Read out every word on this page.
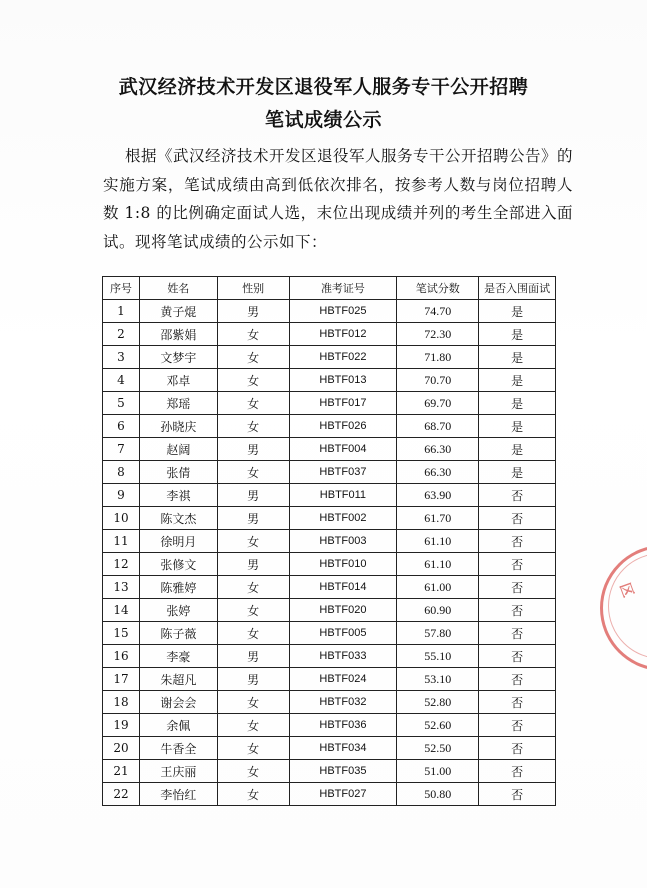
武汉经济技术开发区退役军人服务专干公开招聘
笔试成绩公示
根据《武汉经济技术开发区退役军人服务专干公开招聘公告》的实施方案，笔试成绩由高到低依次排名，按参考人数与岗位招聘人数 1:8 的比例确定面试人选，末位出现成绩并列的考生全部进入面试。现将笔试成绩的公示如下：
序号	姓名	性别	准考证号	笔试分数	是否入围面试
1	黄子焜	男	HBTF025	74.70	是
2	邵紫娟	女	HBTF012	72.30	是
3	文梦宇	女	HBTF022	71.80	是
4	邓卓	女	HBTF013	70.70	是
5	郑瑶	女	HBTF017	69.70	是
6	孙晓庆	女	HBTF026	68.70	是
7	赵阔	男	HBTF004	66.30	是
8	张倩	女	HBTF037	66.30	是
9	李祺	男	HBTF011	63.90	否
10	陈文杰	男	HBTF002	61.70	否
11	徐明月	女	HBTF003	61.10	否
12	张修文	男	HBTF010	61.10	否
13	陈雅婷	女	HBTF014	61.00	否
14	张婷	女	HBTF020	60.90	否
15	陈子薇	女	HBTF005	57.80	否
16	李豪	男	HBTF033	55.10	否
17	朱超凡	男	HBTF024	53.10	否
18	谢会会	女	HBTF032	52.80	否
19	余佩	女	HBTF036	52.60	否
20	牛香全	女	HBTF034	52.50	否
21	王庆丽	女	HBTF035	51.00	否
22	李怡红	女	HBTF027	50.80	否
区
